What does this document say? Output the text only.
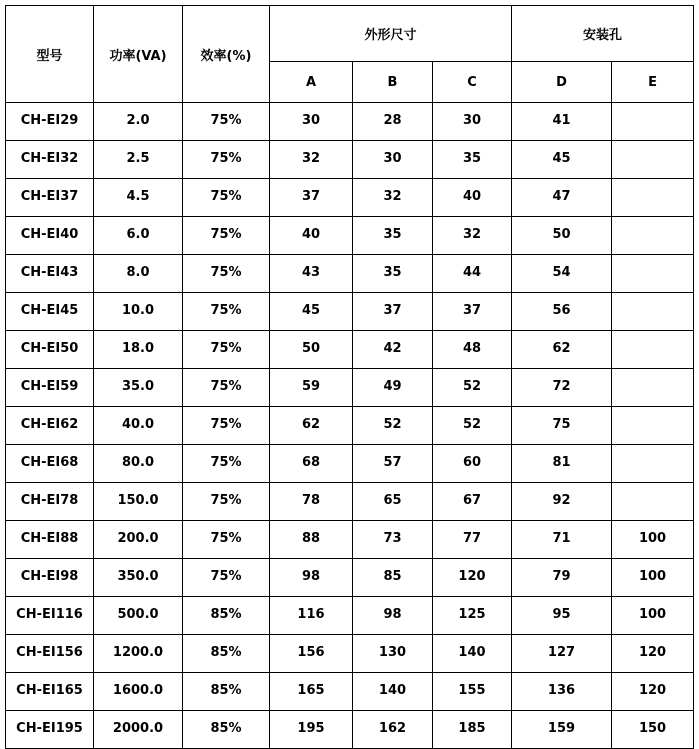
型号	功率(VA)	效率(%)	外形尺寸			安装孔	
			A	B	C	D	E
CH-EI29	2.0	75%	30	28	30	41	
CH-EI32	2.5	75%	32	30	35	45	
CH-EI37	4.5	75%	37	32	40	47	
CH-EI40	6.0	75%	40	35	32	50	
CH-EI43	8.0	75%	43	35	44	54	
CH-EI45	10.0	75%	45	37	37	56	
CH-EI50	18.0	75%	50	42	48	62	
CH-EI59	35.0	75%	59	49	52	72	
CH-EI62	40.0	75%	62	52	52	75	
CH-EI68	80.0	75%	68	57	60	81	
CH-EI78	150.0	75%	78	65	67	92	
CH-EI88	200.0	75%	88	73	77	71	100
CH-EI98	350.0	75%	98	85	120	79	100
CH-EI116	500.0	85%	116	98	125	95	100
CH-EI156	1200.0	85%	156	130	140	127	120
CH-EI165	1600.0	85%	165	140	155	136	120
CH-EI195	2000.0	85%	195	162	185	159	150
